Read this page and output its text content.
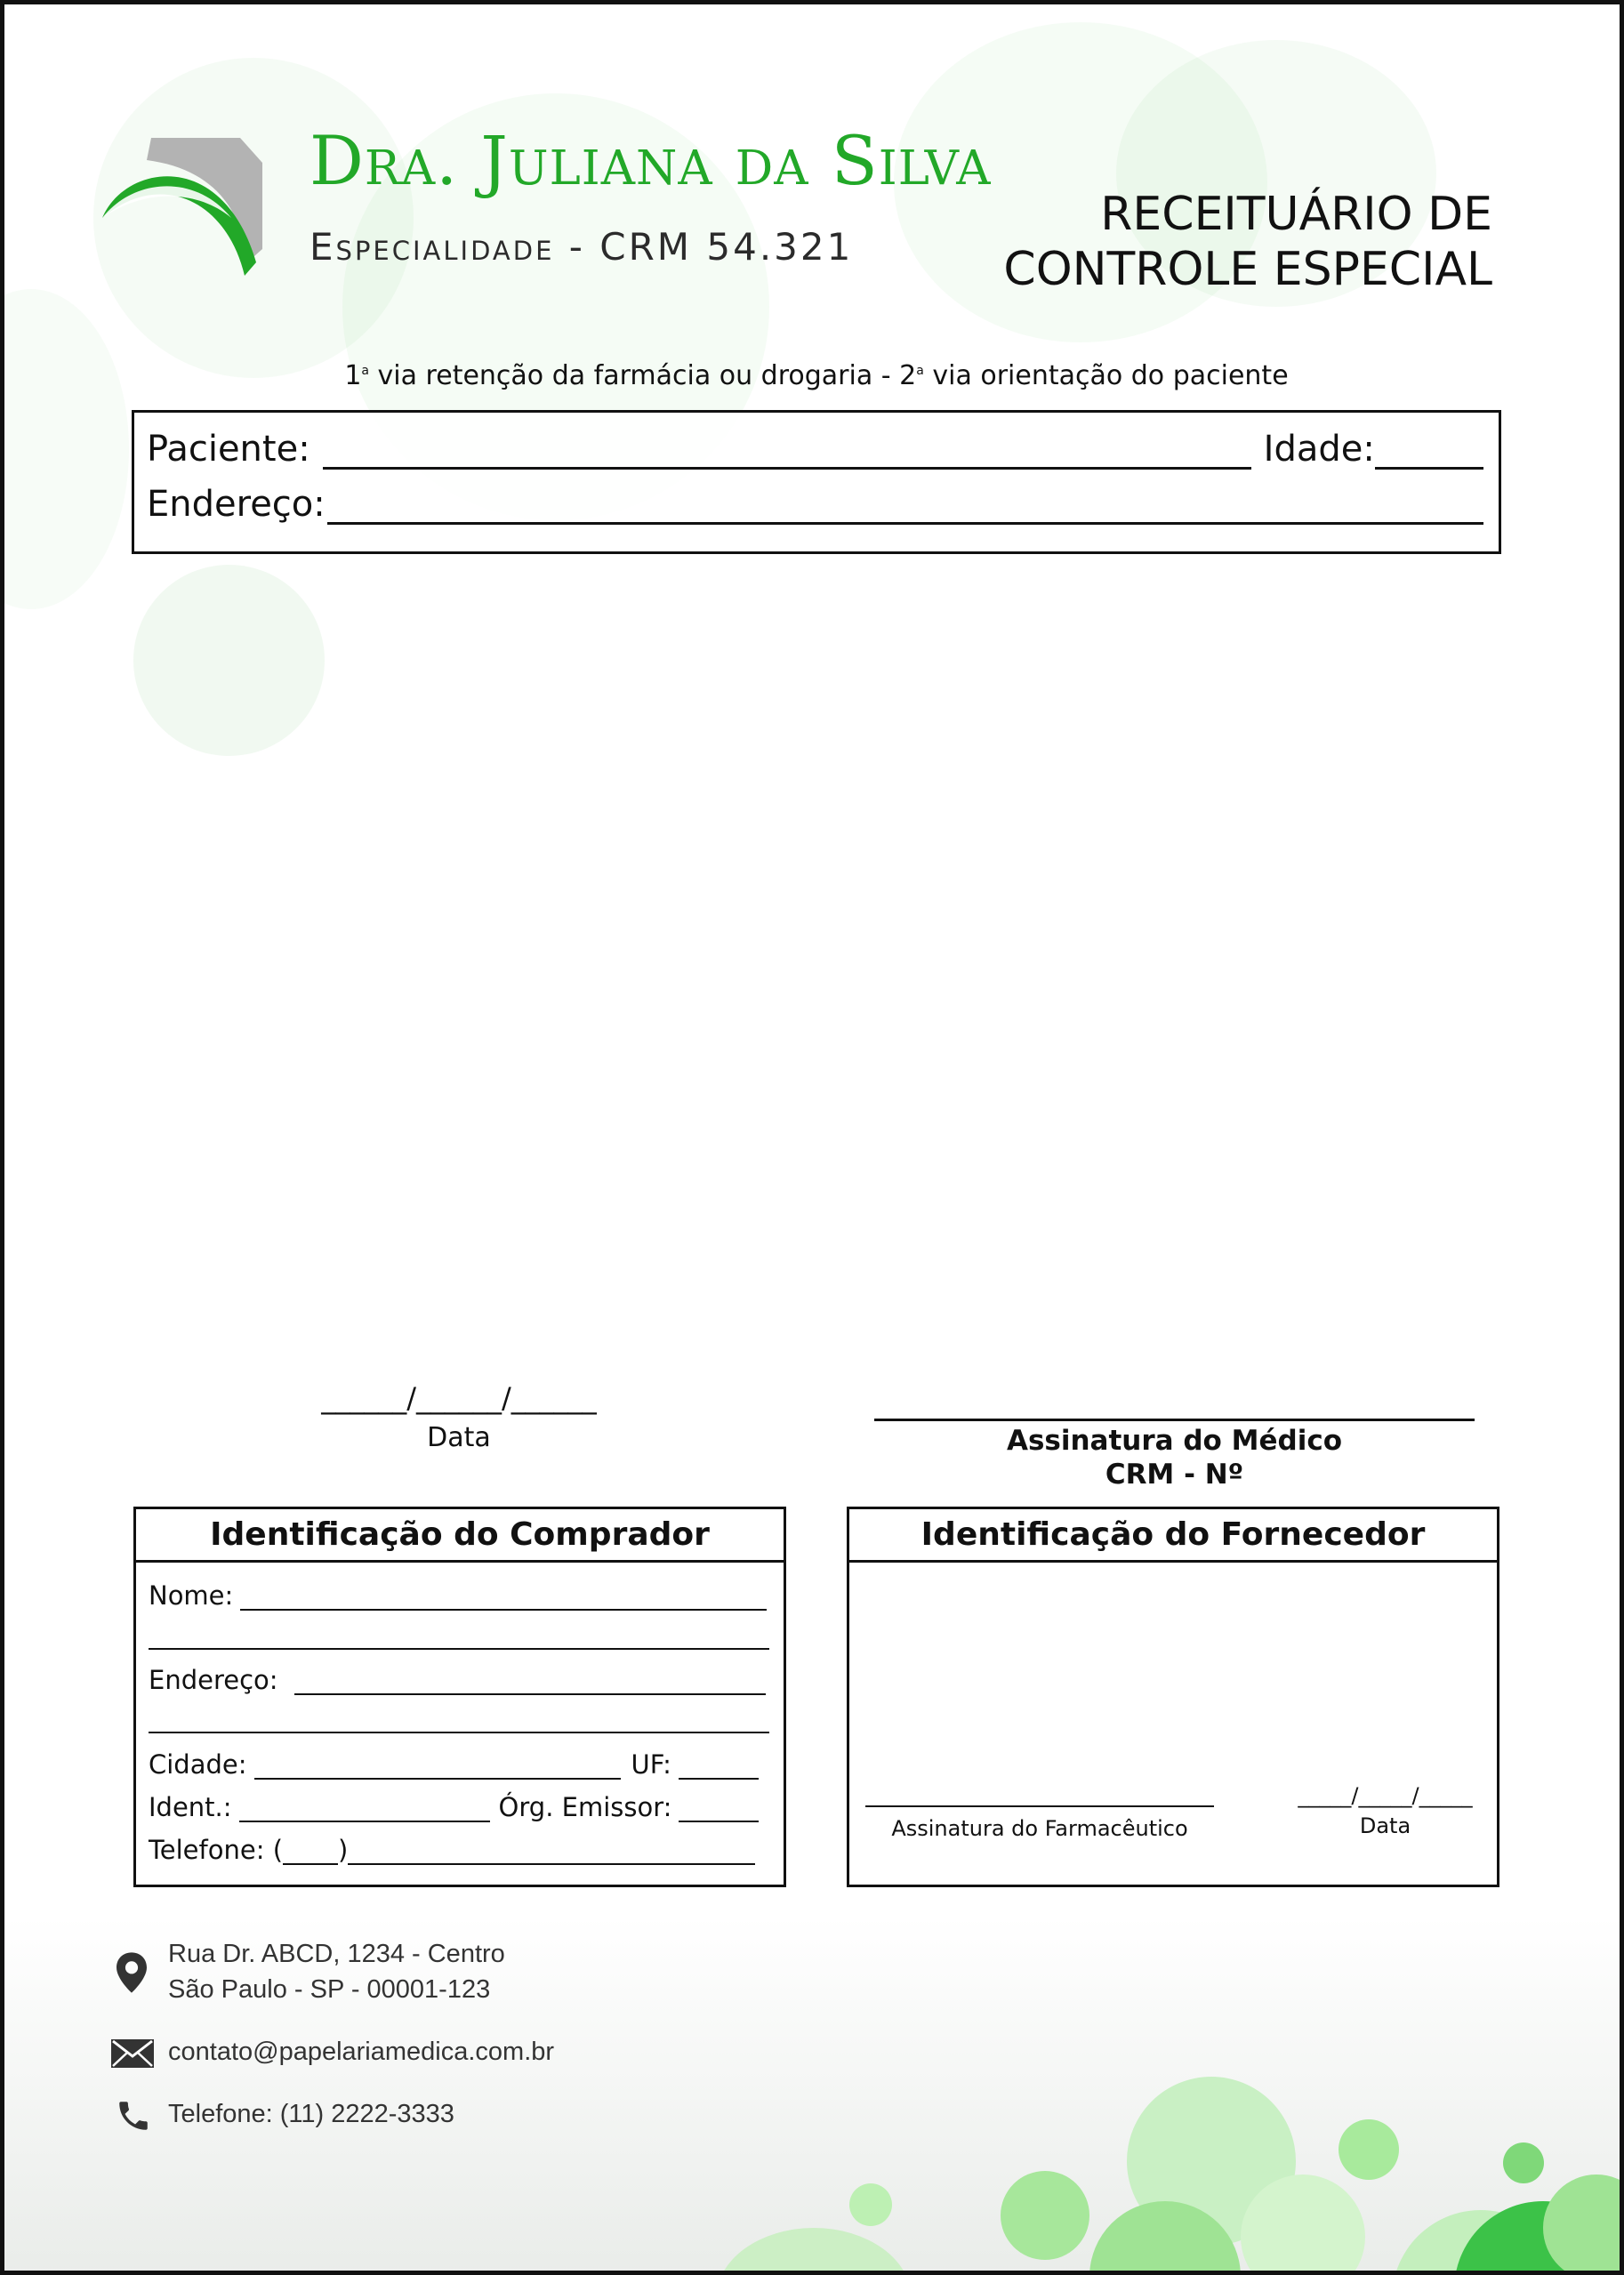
Dra. Juliana da Silva
Especialidade - CRM 54.321
RECEITUÁRIO DE
CONTROLE ESPECIAL
1$^a$ via retenção da farmácia ou drogaria - 2$^a$ via orientação do paciente
Paciente:	Idade:
Endereço:
______/______/______
Data	Assinatura do Médico
CRM - Nº
Identificação do Comprador
Nome:
Endereço:
Cidade:	UF:
Ident.:	Órg. Emissor:
Telefone: ( )
Identificação do Fornecedor
Assinatura do Farmacêutico
_____/_____/_____
Data
Rua Dr. ABCD, 1234 - Centro
São Paulo - SP - 00001-123
contato@papelariamedica.com.br
Telefone: (11) 2222-3333
